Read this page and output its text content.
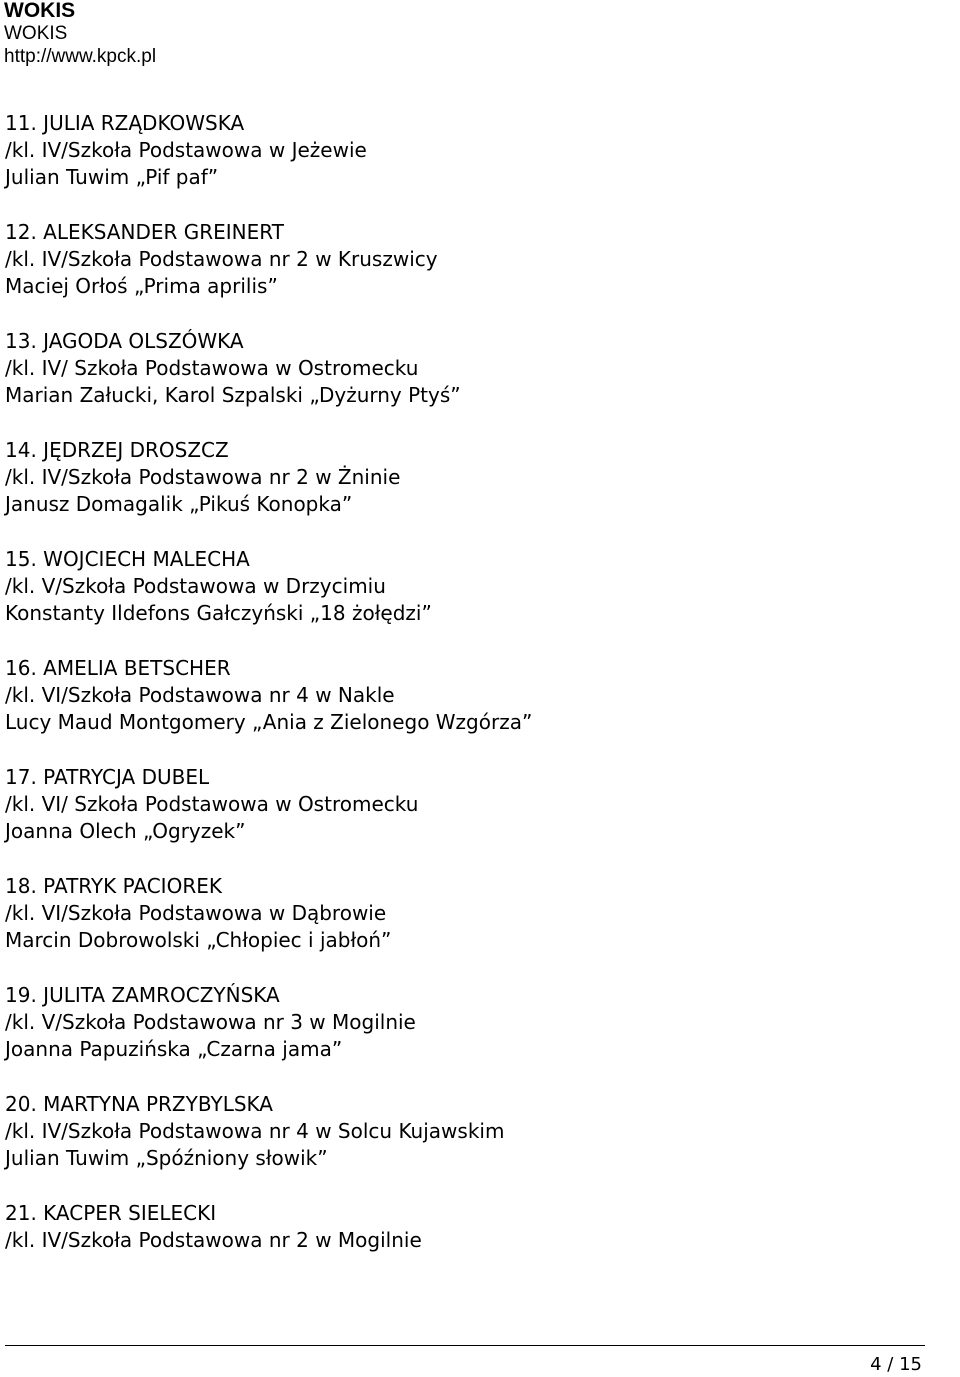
WOKIS
WOKIS
http://www.kpck.pl
11. JULIA RZĄDKOWSKA
/kl. IV/Szkoła Podstawowa w Jeżewie
Julian Tuwim „Pif paf”
12. ALEKSANDER GREINERT
/kl. IV/Szkoła Podstawowa nr 2 w Kruszwicy
Maciej Orłoś „Prima aprilis”
13. JAGODA OLSZÓWKA
/kl. IV/ Szkoła Podstawowa w Ostromecku
Marian Załucki, Karol Szpalski „Dyżurny Ptyś”
14. JĘDRZEJ DROSZCZ
/kl. IV/Szkoła Podstawowa nr 2 w Żninie
Janusz Domagalik „Pikuś Konopka”
15. WOJCIECH MALECHA
/kl. V/Szkoła Podstawowa w Drzycimiu
Konstanty Ildefons Gałczyński „18 żołędzi”
16. AMELIA BETSCHER
/kl. VI/Szkoła Podstawowa nr 4 w Nakle
Lucy Maud Montgomery „Ania z Zielonego Wzgórza”
17. PATRYCJA DUBEL
/kl. VI/ Szkoła Podstawowa w Ostromecku
Joanna Olech „Ogryzek”
18. PATRYK PACIOREK
/kl. VI/Szkoła Podstawowa w Dąbrowie
Marcin Dobrowolski „Chłopiec i jabłoń”
19. JULITA ZAMROCZYŃSKA
/kl. V/Szkoła Podstawowa nr 3 w Mogilnie
Joanna Papuzińska „Czarna jama”
20. MARTYNA PRZYBYLSKA
/kl. IV/Szkoła Podstawowa nr 4 w Solcu Kujawskim
Julian Tuwim „Spóźniony słowik”
21. KACPER SIELECKI
/kl. IV/Szkoła Podstawowa nr 2 w Mogilnie
4 / 15
